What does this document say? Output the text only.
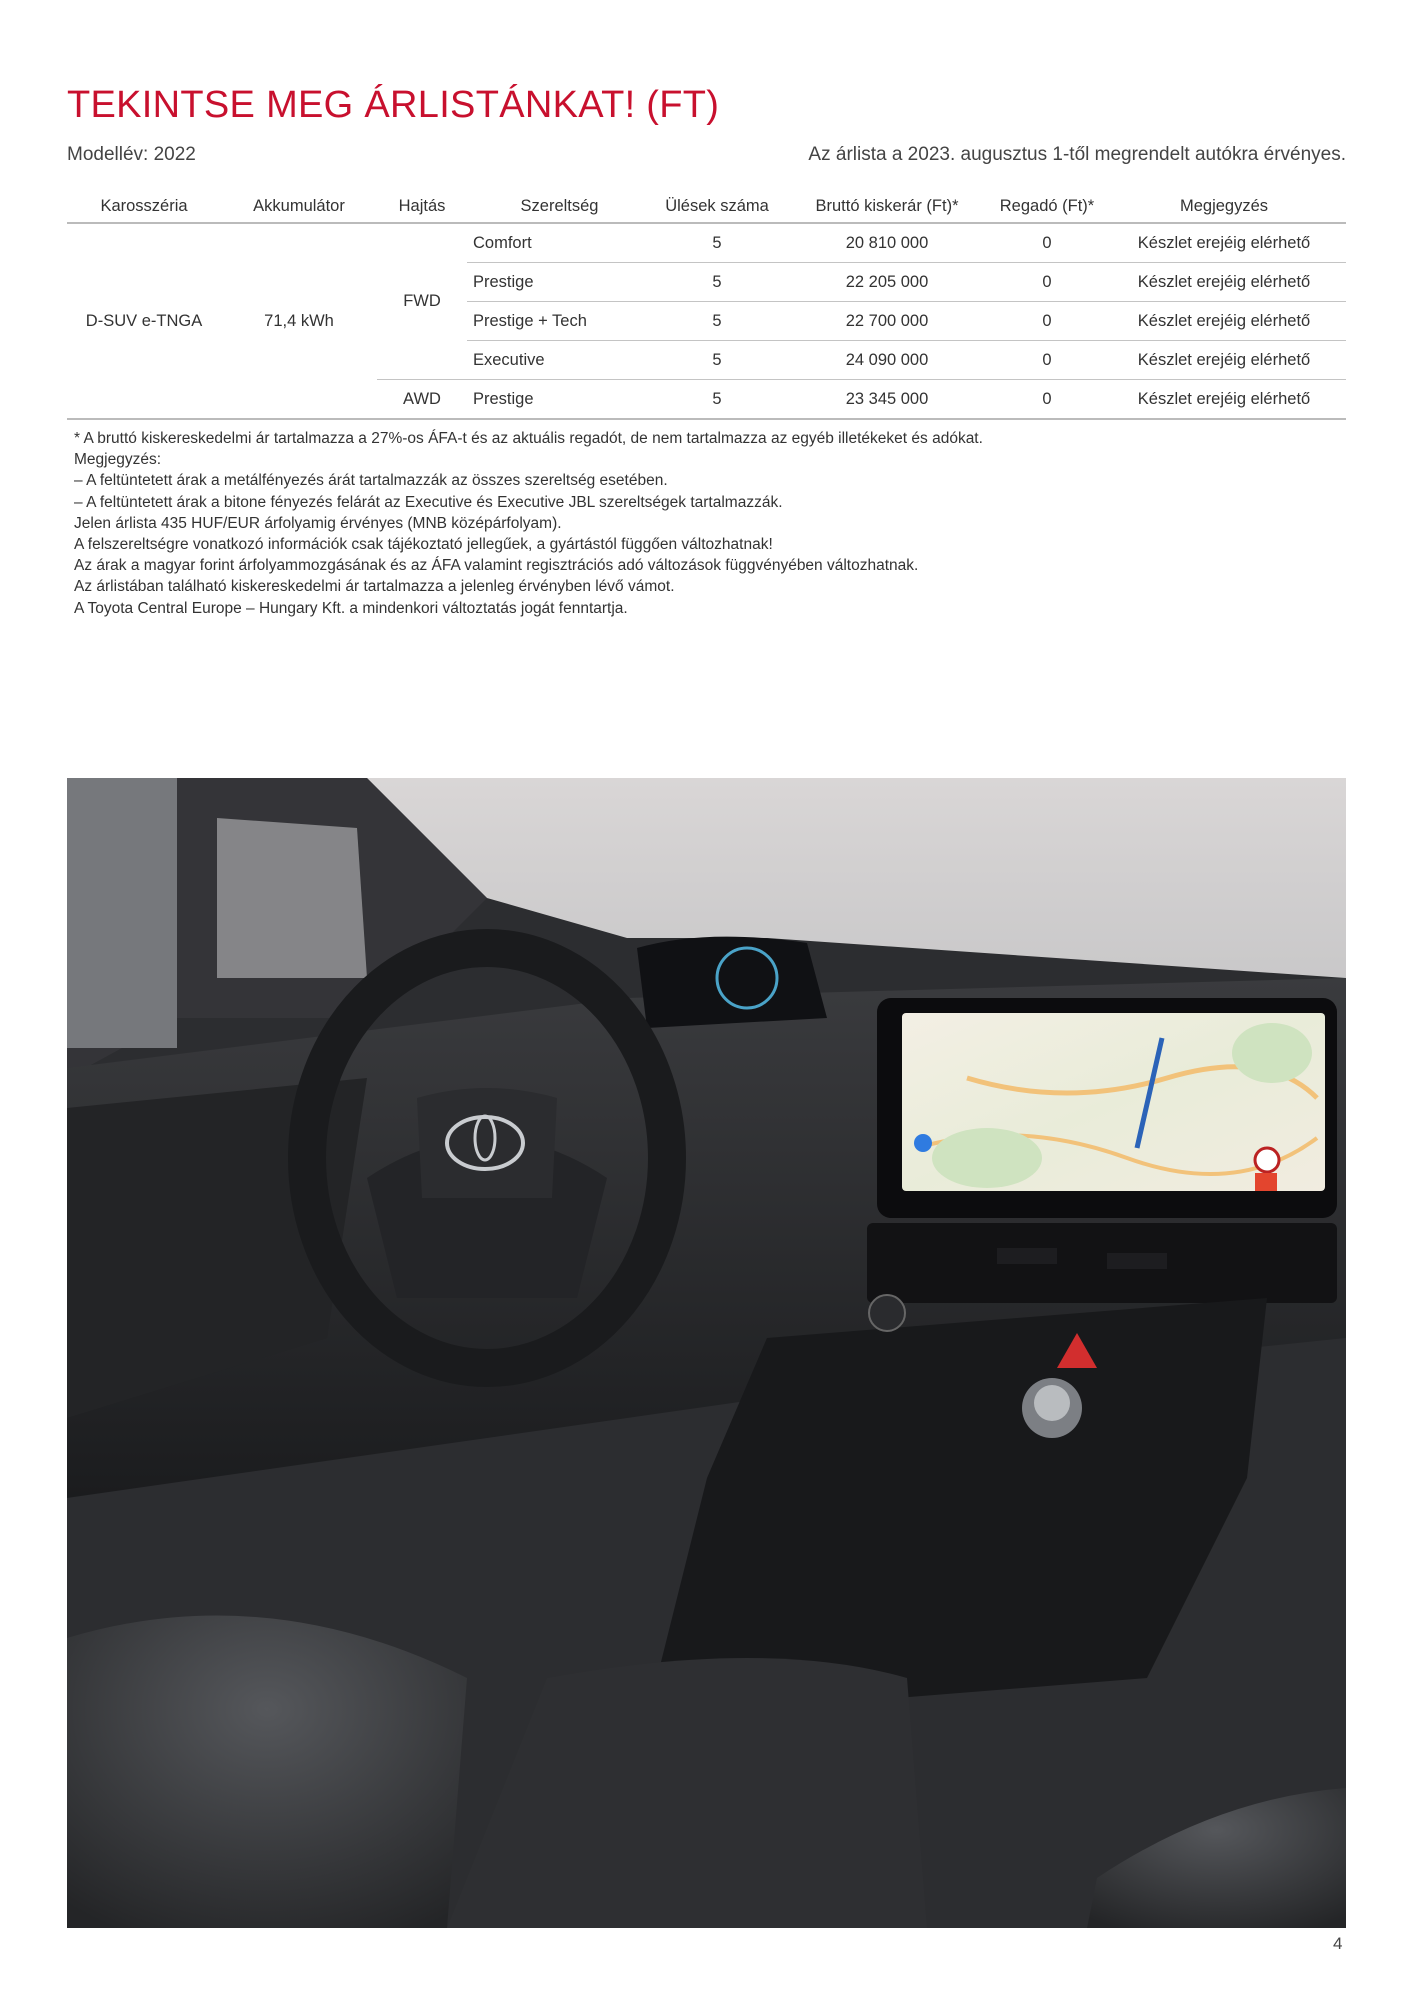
TEKINTSE MEG ÁRLISTÁNKAT! (FT)
Modellév: 2022	Az árlista a 2023. augusztus 1-től megrendelt autókra érvényes.
Karosszéria	Akkumulátor	Hajtás	Szereltség	Ülések száma	Bruttó kiskerár (Ft)*	Regadó (Ft)*	Megjegyzés
D-SUV e-TNGA	71,4 kWh	FWD	Comfort	5	20 810 000	0	Készlet erejéig elérhető
			Prestige	5	22 205 000	0	Készlet erejéig elérhető
			Prestige + Tech	5	22 700 000	0	Készlet erejéig elérhető
			Executive	5	24 090 000	0	Készlet erejéig elérhető
		AWD	Prestige	5	23 345 000	0	Készlet erejéig elérhető
* A bruttó kiskereskedelmi ár tartalmazza a 27%-os ÁFA-t és az aktuális regadót, de nem tartalmazza az egyéb illetékeket és adókat.
Megjegyzés:
– A feltüntetett árak a metálfényezés árát tartalmazzák az összes szereltség esetében.
– A feltüntetett árak a bitone fényezés felárát az Executive és Executive JBL szereltségek tartalmazzák.
Jelen árlista 435 HUF/EUR árfolyamig érvényes (MNB középárfolyam).
A felszereltségre vonatkozó információk csak tájékoztató jellegűek, a gyártástól függően változhatnak!
Az árak a magyar forint árfolyammozgásának és az ÁFA valamint regisztrációs adó változások függvényében változhatnak.
Az árlistában található kiskereskedelmi ár tartalmazza a jelenleg érvényben lévő vámot.
A Toyota Central Europe – Hungary Kft. a mindenkori változtatás jogát fenntartja.
4
